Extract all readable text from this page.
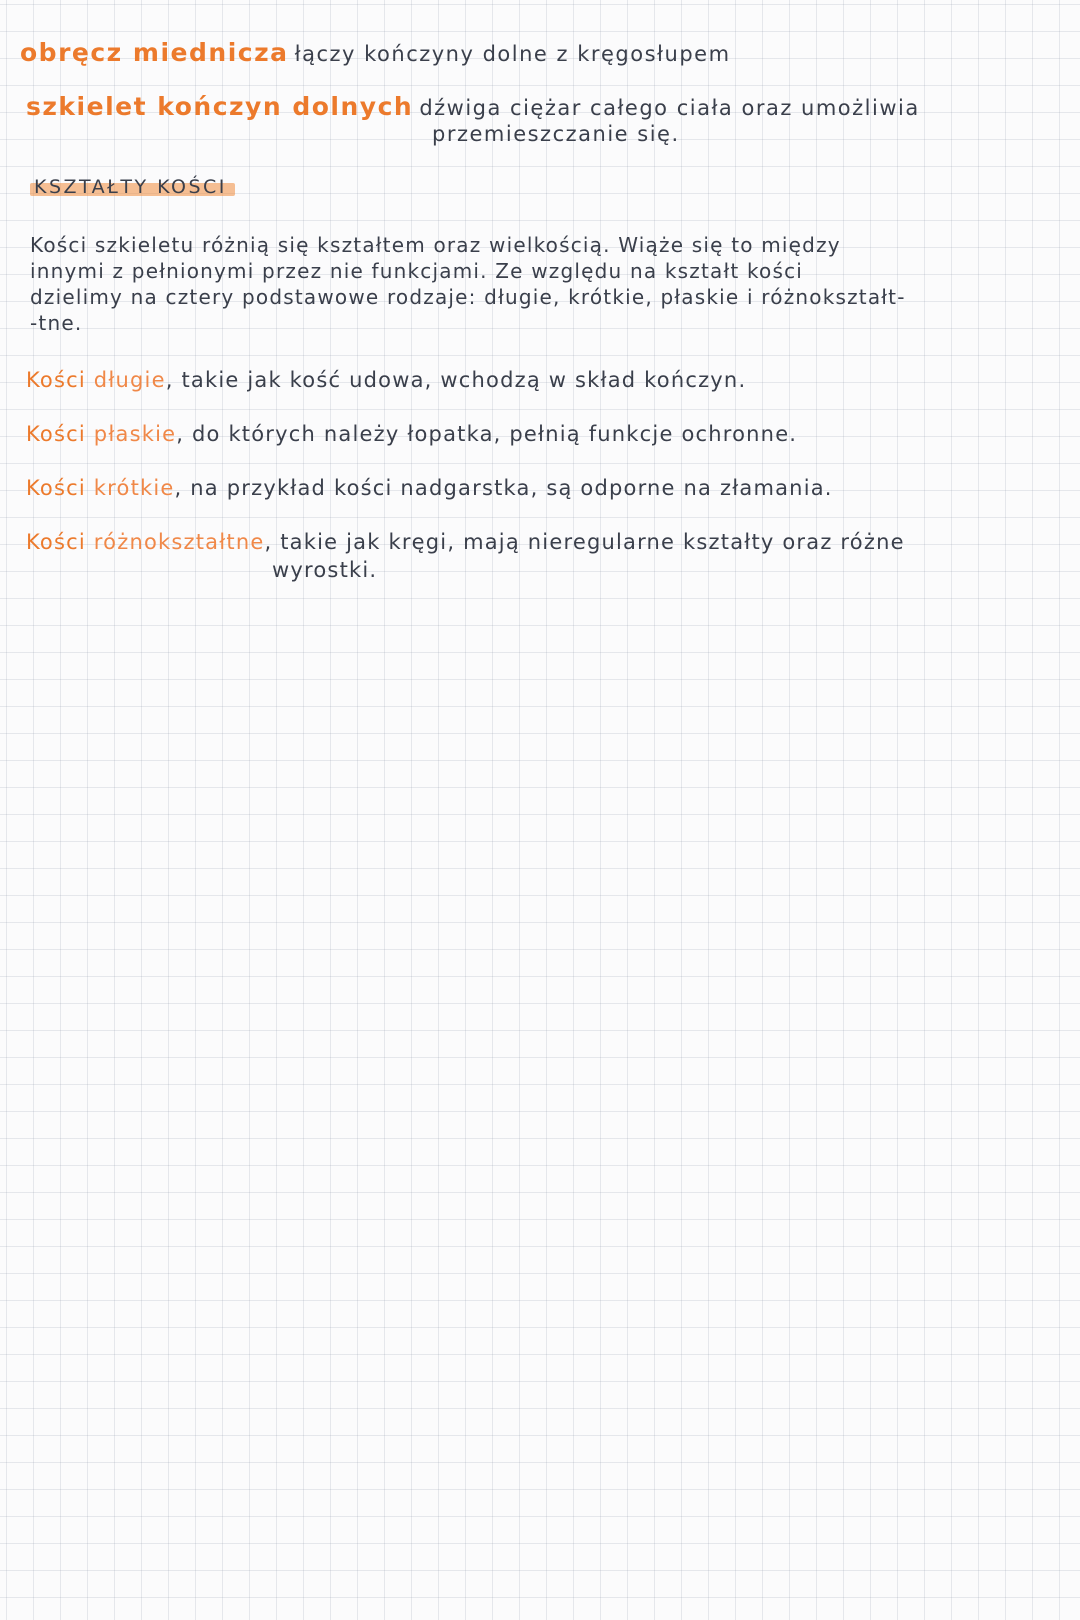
obręcz miednicza łączy kończyny dolne z kręgosłupem
szkielet kończyn dolnych dźwiga ciężar całego ciała oraz umożliwia
przemieszczanie się.
KSZTAŁTY KOŚCI
Kości szkieletu różnią się kształtem oraz wielkością. Wiąże się to między
innymi z pełnionymi przez nie funkcjami. Ze względu na kształt kości
dzielimy na cztery podstawowe rodzaje: długie, krótkie, płaskie i różnokształt-
-tne.
Kości długie, takie jak kość udowa, wchodzą w skład kończyn.
Kości płaskie, do których należy łopatka, pełnią funkcje ochronne.
Kości krótkie, na przykład kości nadgarstka, są odporne na złamania.
Kości różnokształtne, takie jak kręgi, mają nieregularne kształty oraz różne
wyrostki.
